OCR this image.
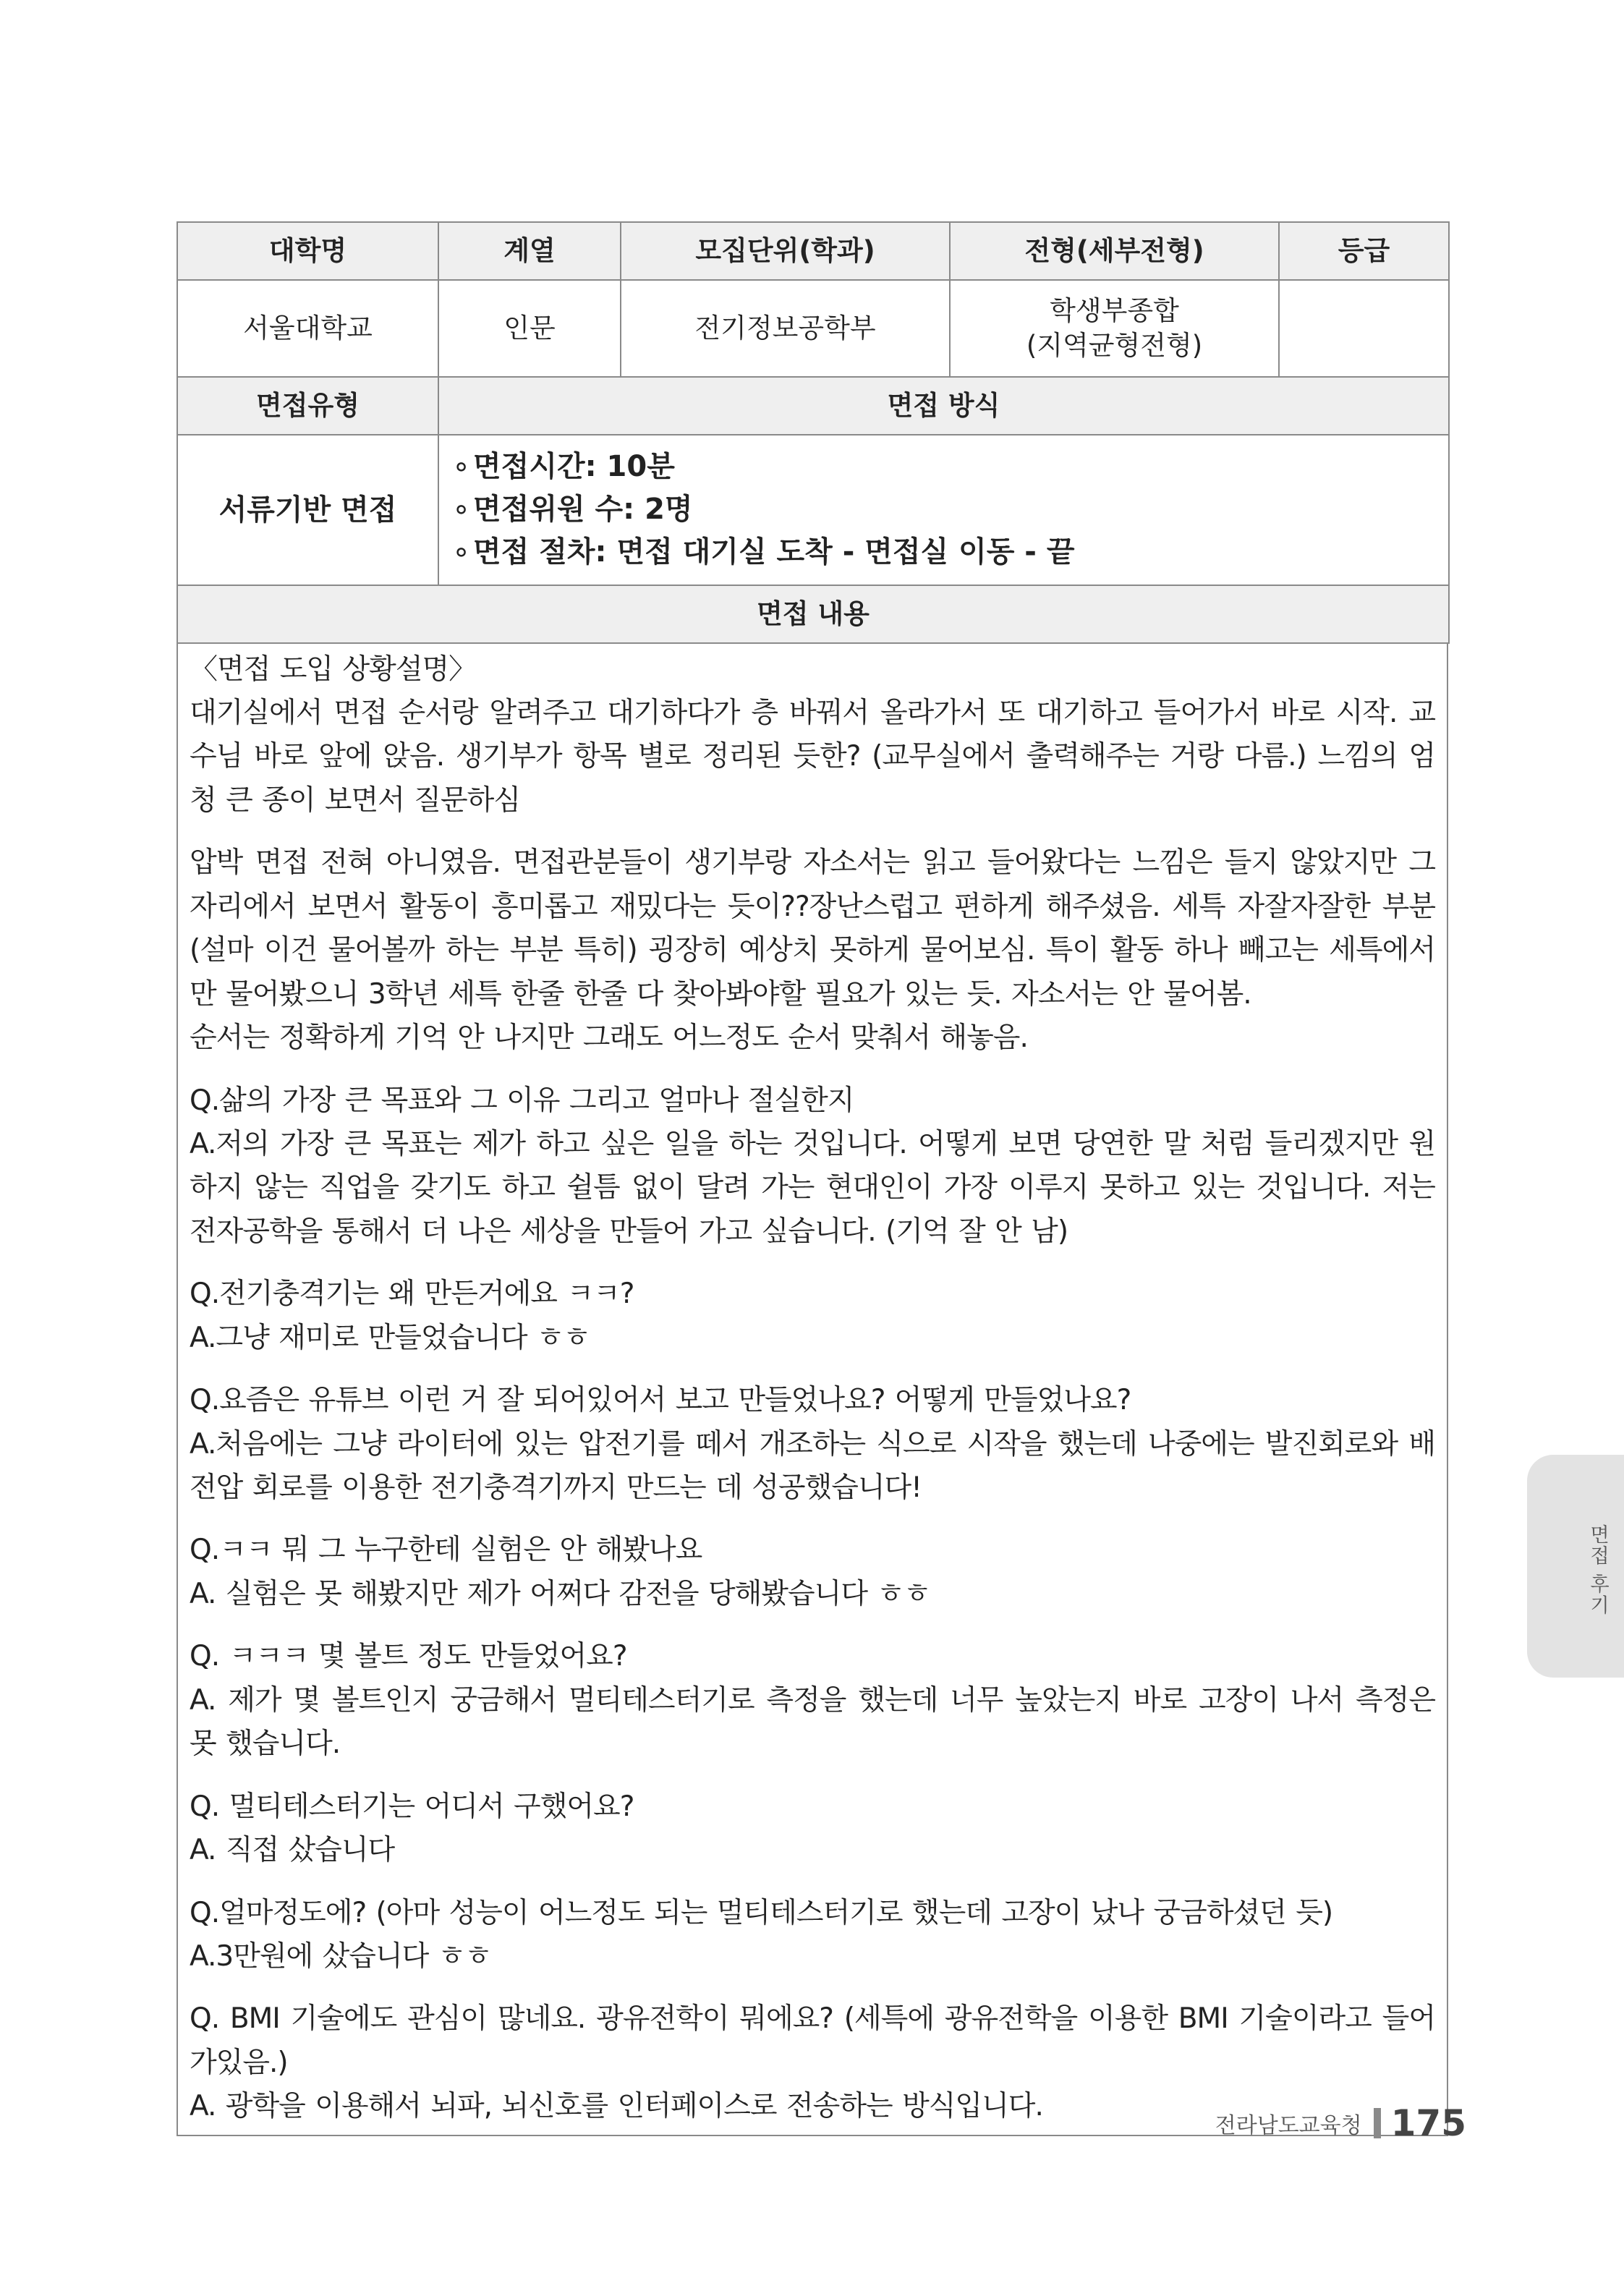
대학명	계열	모집단위(학과)	전형(세부전형)	등급
서울대학교	인문	전기정보공학부	학생부종합
(지역균형전형)	

면접유형	면접 방식			
서류기반 면접	∘ 면접시간: 10분
∘ 면접위원 수: 2명
∘ 면접 절차: 면접 대기실 도착 - 면접실 이동 - 끝			

면접 내용				

〈면접 도입 상황설명〉

대기실에서 면접 순서랑 알려주고 대기하다가 층 바꿔서 올라가서 또 대기하고 들어가서 바로 시작. 교수님 바로 앞에 앉음. 생기부가 항목 별로 정리된 듯한? (교무실에서 출력해주는 거랑 다름.) 느낌의 엄청 큰 종이 보면서 질문하심

압박 면접 전혀 아니였음. 면접관분들이 생기부랑 자소서는 읽고 들어왔다는 느낌은 들지 않았지만 그 자리에서 보면서 활동이 흥미롭고 재밌다는 듯이??장난스럽고 편하게 해주셨음. 세특 자잘자잘한 부분(설마 이건 물어볼까 하는 부분 특히) 굉장히 예상치 못하게 물어보심. 특이 활동 하나 빼고는 세특에서만 물어봤으니 3학년 세특 한줄 한줄 다 찾아봐야할 필요가 있는 듯. 자소서는 안 물어봄.

순서는 정확하게 기억 안 나지만 그래도 어느정도 순서 맞춰서 해놓음.

Q.삶의 가장 큰 목표와 그 이유 그리고 얼마나 절실한지

A.저의 가장 큰 목표는 제가 하고 싶은 일을 하는 것입니다. 어떻게 보면 당연한 말 처럼 들리겠지만 원하지 않는 직업을 갖기도 하고 쉴틈 없이 달려 가는 현대인이 가장 이루지 못하고 있는 것입니다. 저는 전자공학을 통해서 더 나은 세상을 만들어 가고 싶습니다. (기억 잘 안 남)

Q.전기충격기는 왜 만든거에요 ㅋㅋ?

A.그냥 재미로 만들었습니다 ㅎㅎ

Q.요즘은 유튜브 이런 거 잘 되어있어서 보고 만들었나요? 어떻게 만들었나요?

A.처음에는 그냥 라이터에 있는 압전기를 떼서 개조하는 식으로 시작을 했는데 나중에는 발진회로와 배전압 회로를 이용한 전기충격기까지 만드는 데 성공했습니다!

Q.ㅋㅋ 뭐 그 누구한테 실험은 안 해봤나요

A. 실험은 못 해봤지만 제가 어쩌다 감전을 당해봤습니다 ㅎㅎ

Q. ㅋㅋㅋ 몇 볼트 정도 만들었어요?

A. 제가 몇 볼트인지 궁금해서 멀티테스터기로 측정을 했는데 너무 높았는지 바로 고장이 나서 측정은 못 했습니다.

Q. 멀티테스터기는 어디서 구했어요?

A. 직접 샀습니다

Q.얼마정도에? (아마 성능이 어느정도 되는 멀티테스터기로 했는데 고장이 났나 궁금하셨던 듯)

A.3만원에 샀습니다 ㅎㅎ

Q. BMI 기술에도 관심이 많네요. 광유전학이 뭐에요? (세특에 광유전학을 이용한 BMI 기술이라고 들어가있음.)

A. 광학을 이용해서 뇌파, 뇌신호를 인터페이스로 전송하는 방식입니다.

면접 후기
전라남도교육청 175
